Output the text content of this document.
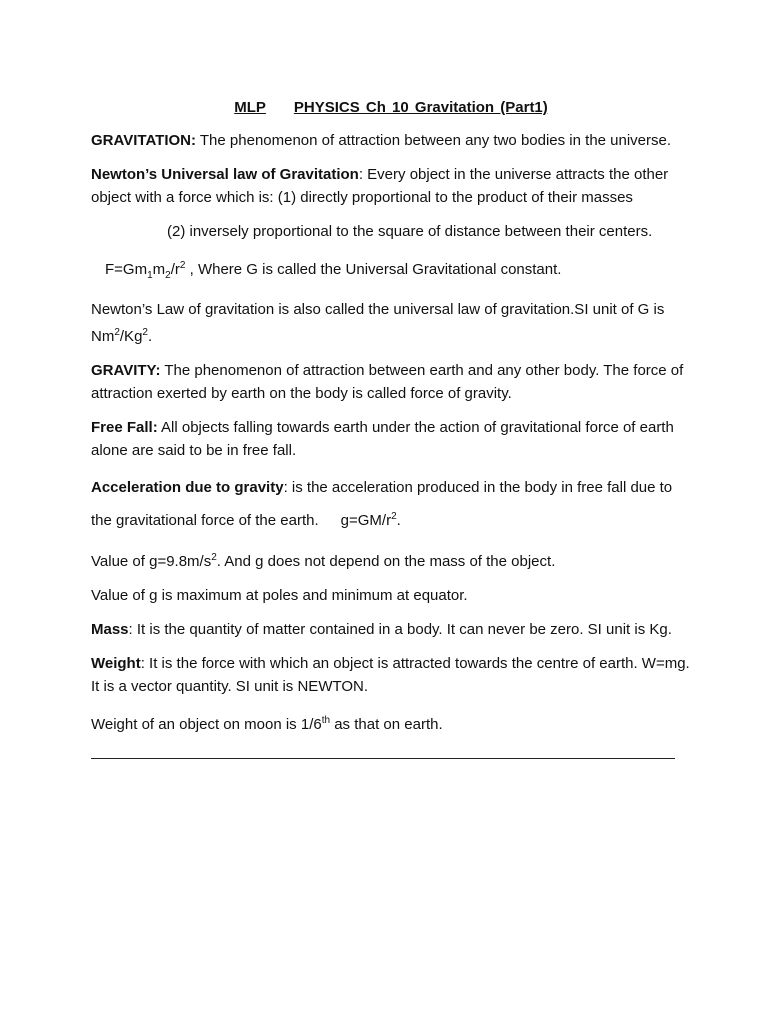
MLP PHYSICS Ch 10 Gravitation (Part1)

GRAVITATION: The phenomenon of attraction between any two bodies in the universe.

Newton’s Universal law of Gravitation: Every object in the universe attracts the other object with a force which is: (1) directly proportional to the product of their masses

(2) inversely proportional to the square of distance between their centers.

$F=Gm_1m_2/r^2$ , Where G is called the Universal Gravitational constant.

Newton’s Law of gravitation is also called the universal law of gravitation.SI unit of G is Nm$^2$/Kg$^2$.

GRAVITY: The phenomenon of attraction between earth and any other body. The force of attraction exerted by earth on the body is called force of gravity.

Free Fall: All objects falling towards earth under the action of gravitational force of earth alone are said to be in free fall.

Acceleration due to gravity: is the acceleration produced in the body in free fall due to the gravitational force of the earth. $g=GM/r^2$.

Value of $g=9.8m/s^2$. And g does not depend on the mass of the object.

Value of g is maximum at poles and minimum at equator.

Mass: It is the quantity of matter contained in a body. It can never be zero. SI unit is Kg.

Weight: It is the force with which an object is attracted towards the centre of earth. W=mg. It is a vector quantity. SI unit is NEWTON.

Weight of an object on moon is 1/6th as that on earth.
